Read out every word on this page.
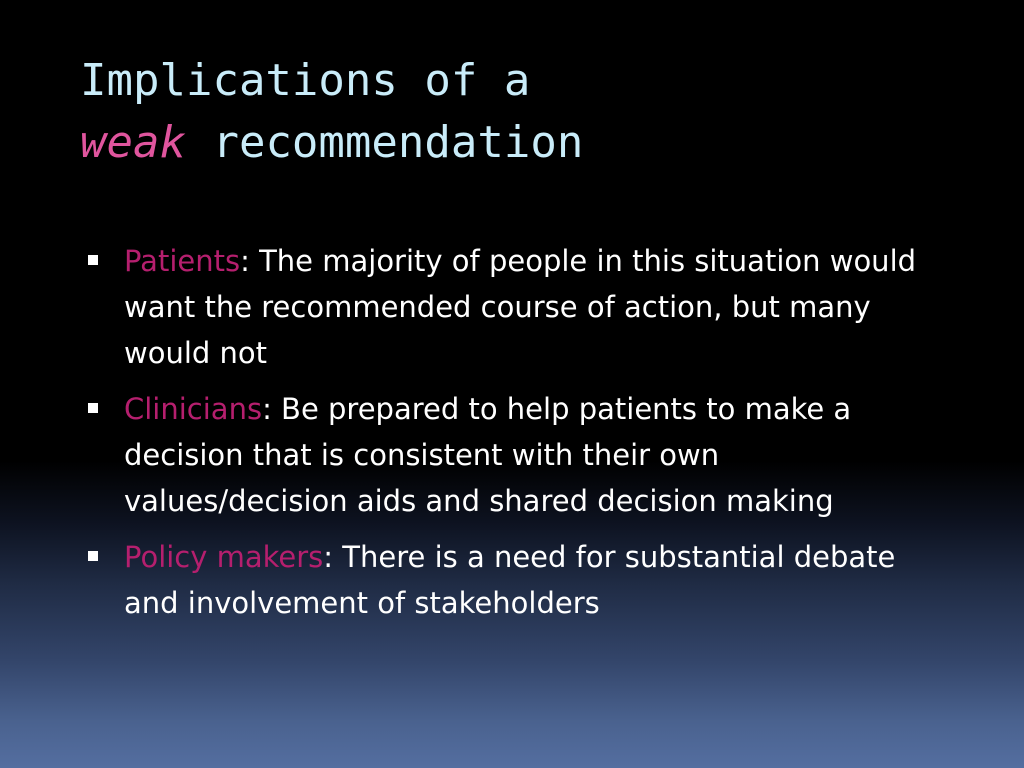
Implications of a
weak recommendation
Patients: The majority of people in this situation would want the recommended course of action, but many would not
Clinicians: Be prepared to help patients to make a decision that is consistent with their own values/decision aids and shared decision making
Policy makers: There is a need for substantial debate and involvement of stakeholders
